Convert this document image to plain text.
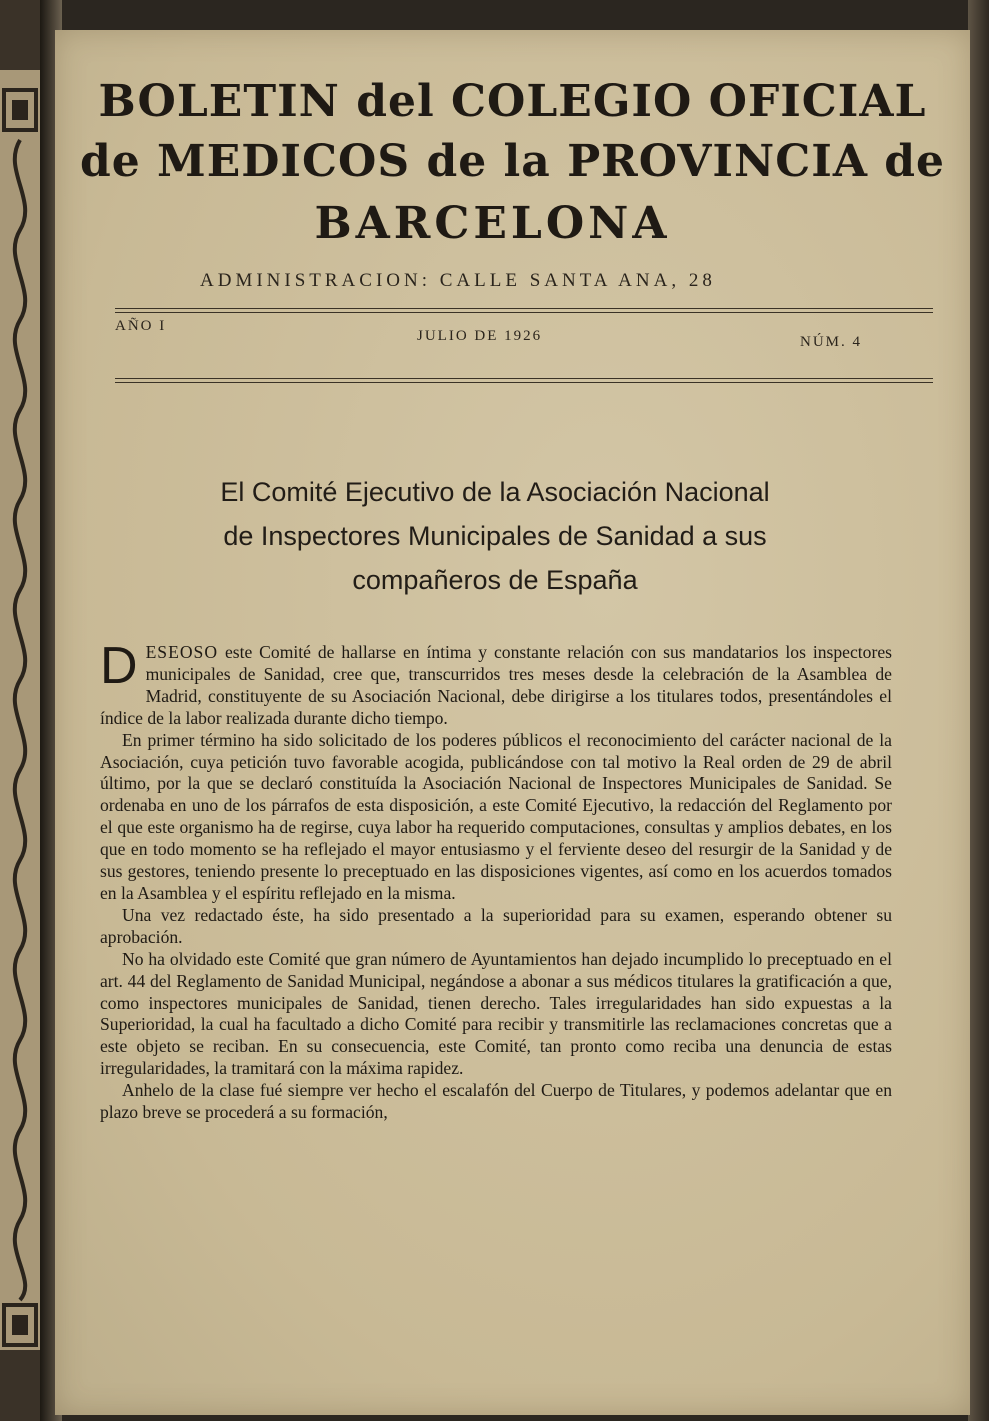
BOLETIN del COLEGIO OFICIAL
de MEDICOS de la PROVINCIA de
BARCELONA
ADMINISTRACION: CALLE SANTA ANA, 28
AÑO I
JULIO DE 1926	NÚM. 4
El Comité Ejecutivo de la Asociación Nacional
de Inspectores Municipales de Sanidad a sus
compañeros de España

DESEOSO este Comité de hallarse en íntima y constante relación con sus mandatarios los inspectores municipales de Sanidad, cree que, transcurridos tres meses desde la celebración de la Asamblea de Madrid, constituyente de su Asociación Nacional, debe dirigirse a los titulares todos, presentándoles el índice de la labor realizada durante dicho tiempo.

En primer término ha sido solicitado de los poderes públicos el reconocimiento del carácter nacional de la Asociación, cuya petición tuvo favorable acogida, publicándose con tal motivo la Real orden de 29 de abril último, por la que se declaró constituída la Asociación Nacional de Inspectores Municipales de Sanidad. Se ordenaba en uno de los párrafos de esta disposición, a este Comité Ejecutivo, la redacción del Reglamento por el que este organismo ha de regirse, cuya labor ha requerido computaciones, consultas y amplios debates, en los que en todo momento se ha reflejado el mayor entusiasmo y el ferviente deseo del resurgir de la Sanidad y de sus gestores, teniendo presente lo preceptuado en las disposiciones vigentes, así como en los acuerdos tomados en la Asamblea y el espíritu reflejado en la misma.

Una vez redactado éste, ha sido presentado a la superioridad para su examen, esperando obtener su aprobación.

No ha olvidado este Comité que gran número de Ayuntamientos han dejado incumplido lo preceptuado en el art. 44 del Reglamento de Sanidad Municipal, negándose a abonar a sus médicos titulares la gratificación a que, como inspectores municipales de Sanidad, tienen derecho. Tales irregularidades han sido expuestas a la Superioridad, la cual ha facultado a dicho Comité para recibir y transmitirle las reclamaciones concretas que a este objeto se reciban. En su consecuencia, este Comité, tan pronto como reciba una denuncia de estas irregularidades, la tramitará con la máxima rapidez.

Anhelo de la clase fué siempre ver hecho el escalafón del Cuerpo de Titulares, y podemos adelantar que en plazo breve se procederá a su formación,
